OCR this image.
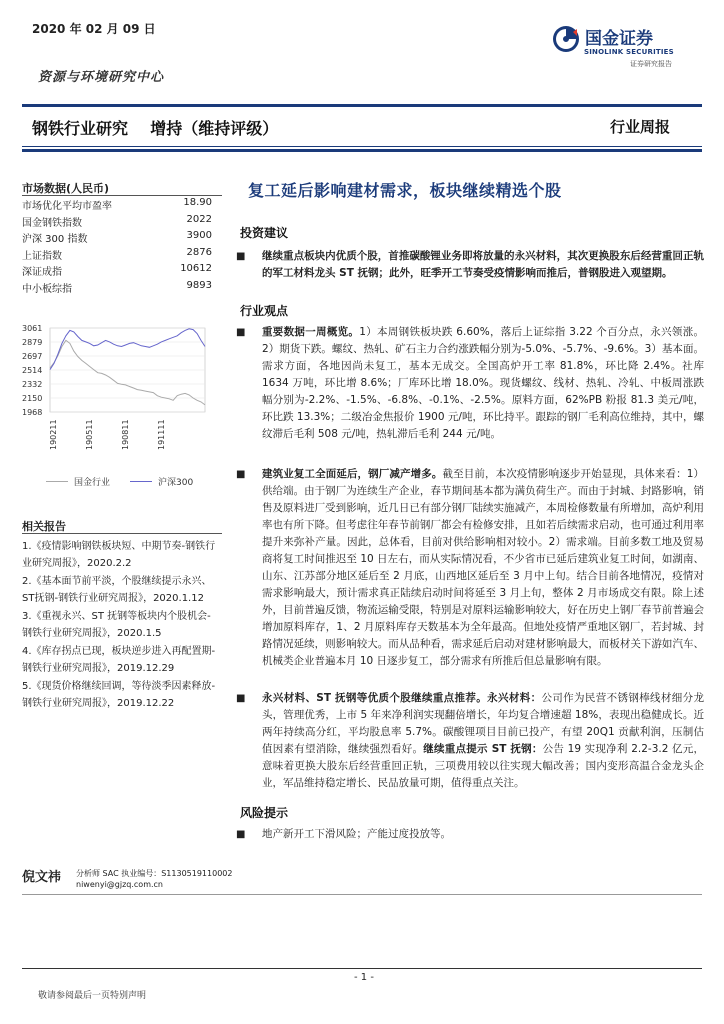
2020 年 02 月 09 日
资源与环境研究中心
国金证券
SINOLINK SECURITIES
证券研究报告
钢铁行业研究    增持（维持评级）	行业周报
市场数据(人民币)
市场优化平均市盈率	18.90
国金钢铁指数	2022
沪深 300 指数	3900
上证指数	2876
深证成指	10612
中小板综指	9893
3061
2879
2697
2514
2332
2150
1968
190211	190511	190811	191111
国金行业	沪深300
相关报告
1.《疫情影响钢铁板块短、中期节奏-钢铁行
业研究周报》，2020.2.2
2.《基本面节前平淡，个股继续提示永兴、
ST抚钢-钢铁行业研究周报》，2020.1.12
3.《重视永兴、ST 抚钢等板块内个股机会-
钢铁行业研究周报》，2020.1.5
4.《库存拐点已现，板块逆步进入再配置期-
钢铁行业研究周报》，2019.12.29
5.《现货价格继续回调，等待淡季因素释放-
钢铁行业研究周报》，2019.12.22
倪文祎 分析师 SAC 执业编号：S1130519110002
niwenyi@gjzq.com.cn
复工延后影响建材需求，板块继续精选个股
投资建议
■ 继续重点板块内优质个股，首推碳酸锂业务即将放量的永兴材料，其次更换股东后经营重回正轨的军工材料龙头 ST 抚钢；此外，旺季开工节奏受疫情影响而推后，普钢股进入观望期。
行业观点
■ 重要数据一周概览。1）本周钢铁板块跌 6.60%，落后上证综指 3.22 个百分点，永兴领涨。2）期货下跌。螺纹、热轧、矿石主力合约涨跌幅分别为-5.0%、-5.7%、-9.6%。3）基本面。需求方面，各地因尚未复工，基本无成交。全国高炉开工率 81.8%，环比降 2.4%。社库 1634 万吨，环比增 8.6%；厂库环比增 18.0%。现货螺纹、线材、热轧、冷轧、中板周涨跌幅分别为-2.2%、-1.5%、-6.8%、-0.1%、-2.5%。原料方面，62%PB 粉报 81.3 美元/吨，环比跌 13.3%；二级冶金焦报价 1900 元/吨，环比持平。跟踪的钢厂毛利高位维持，其中，螺纹滞后毛利 508 元/吨，热轧滞后毛利 244 元/吨。
■ 建筑业复工全面延后，钢厂减产增多。截至目前，本次疫情影响逐步开始显现，具体来看：1）供给端。由于钢厂为连续生产企业，春节期间基本都为满负荷生产。而由于封城、封路影响，销售及原料进厂受到影响，近几日已有部分钢厂陆续实施减产，本周检修数量有所增加，高炉利用率也有所下降。但考虑往年春节前钢厂都会有检修安排，且如若后续需求启动，也可通过利用率提升来弥补产量。因此，总体看，目前对供给影响相对较小。2）需求端。目前多数工地及贸易商将复工时间推迟至 10 日左右，而从实际情况看，不少省市已延后建筑业复工时间，如湖南、山东、江苏部分地区延后至 2 月底，山西地区延后至 3 月中上旬。结合目前各地情况，疫情对需求影响最大，预计需求真正陆续启动时间将延至 3 月上旬，整体 2 月市场成交有限。除上述外，目前普遍反馈，物流运输受限，特别是对原料运输影响较大，好在历史上钢厂春节前普遍会增加原料库存，1、2 月原料库存天数基本为全年最高。但地处疫情严重地区钢厂，若封城、封路情况延续，则影响较大。而从品种看，需求延后启动对建材影响最大，而板材关下游如汽车、机械类企业普遍本月 10 日逐步复工，部分需求有所推后但总量影响有限。
■ 永兴材料、ST 抚钢等优质个股继续重点推荐。永兴材料：公司作为民营不锈钢棒线材细分龙头，管理优秀，上市 5 年来净利润实现翻倍增长，年均复合增速超 18%，表现出稳健成长。近两年持续高分红，平均股息率 5.7%。碳酸锂项目目前已投产，有望 20Q1 贡献利润，压制估值因素有望消除，继续强烈看好。继续重点提示 ST 抚钢：公告 19 实现净利 2.2-3.2 亿元，意味着更换大股东后经营重回正轨，三项费用较以往实现大幅改善；国内变形高温合金龙头企业，军品维持稳定增长、民品放量可期，值得重点关注。
风险提示
■ 地产新开工下滑风险；产能过度投放等。
- 1 -
敬请参阅最后一页特别声明
